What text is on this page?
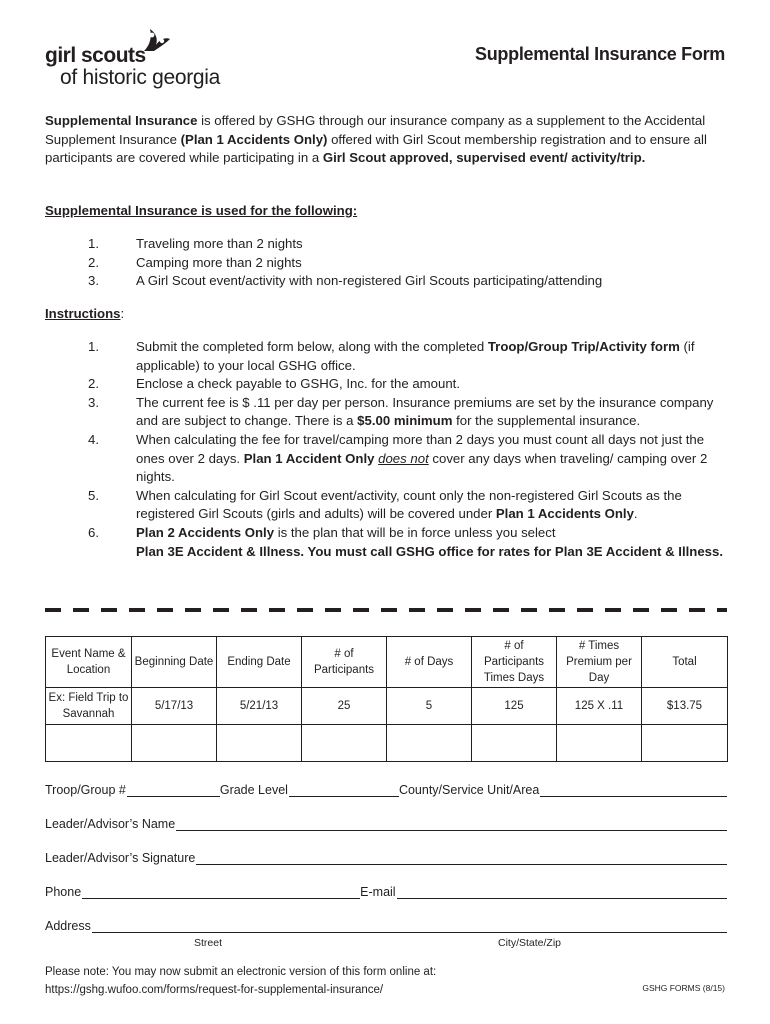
girl scouts
of historic georgia
Supplemental Insurance Form
Supplemental Insurance is offered by GSHG through our insurance company as a supplement to the Accidental Supplement Insurance (Plan 1 Accidents Only) offered with Girl Scout membership registration and to ensure all participants are covered while participating in a Girl Scout approved, supervised event/ activity/trip.
Supplemental Insurance is used for the following:
1.	Traveling more than 2 nights
2.	Camping more than 2 nights
3.	A Girl Scout event/activity with non-registered Girl Scouts participating/attending
Instructions:
1.	Submit the completed form below, along with the completed Troop/Group Trip/Activity form (if applicable) to your local GSHG office.
2.	Enclose a check payable to GSHG, Inc. for the amount.
3.	The current fee is $ .11 per day per person. Insurance premiums are set by the insurance company and are subject to change. There is a $5.00 minimum for the supplemental insurance.
4.	When calculating the fee for travel/camping more than 2 days you must count all days not just the ones over 2 days. Plan 1 Accident Only does not cover any days when traveling/ camping over 2 nights.
5.	When calculating for Girl Scout event/activity, count only the non-registered Girl Scouts as the registered Girl Scouts (girls and adults) will be covered under Plan 1 Accidents Only.
6.	Plan 2 Accidents Only is the plan that will be in force unless you select
Plan 3E Accident & Illness. You must call GSHG office for rates for Plan 3E Accident & Illness.
Event Name & Location	Beginning Date	Ending Date	# of Participants	# of Days	# of Participants Times Days	# Times Premium per Day	Total
Ex: Field Trip to Savannah	5/17/13	5/21/13	25	5	125	125 X .11	$13.75

Troop/Group #	Grade Level	County/Service Unit/Area
Leader/Advisor’s Name
Leader/Advisor’s Signature
Phone	E-mail
Address
Street	City/State/Zip
Please note: You may now submit an electronic version of this form online at:
https://gshg.wufoo.com/forms/request-for-supplemental-insurance/	GSHG FORMS (8/15)
